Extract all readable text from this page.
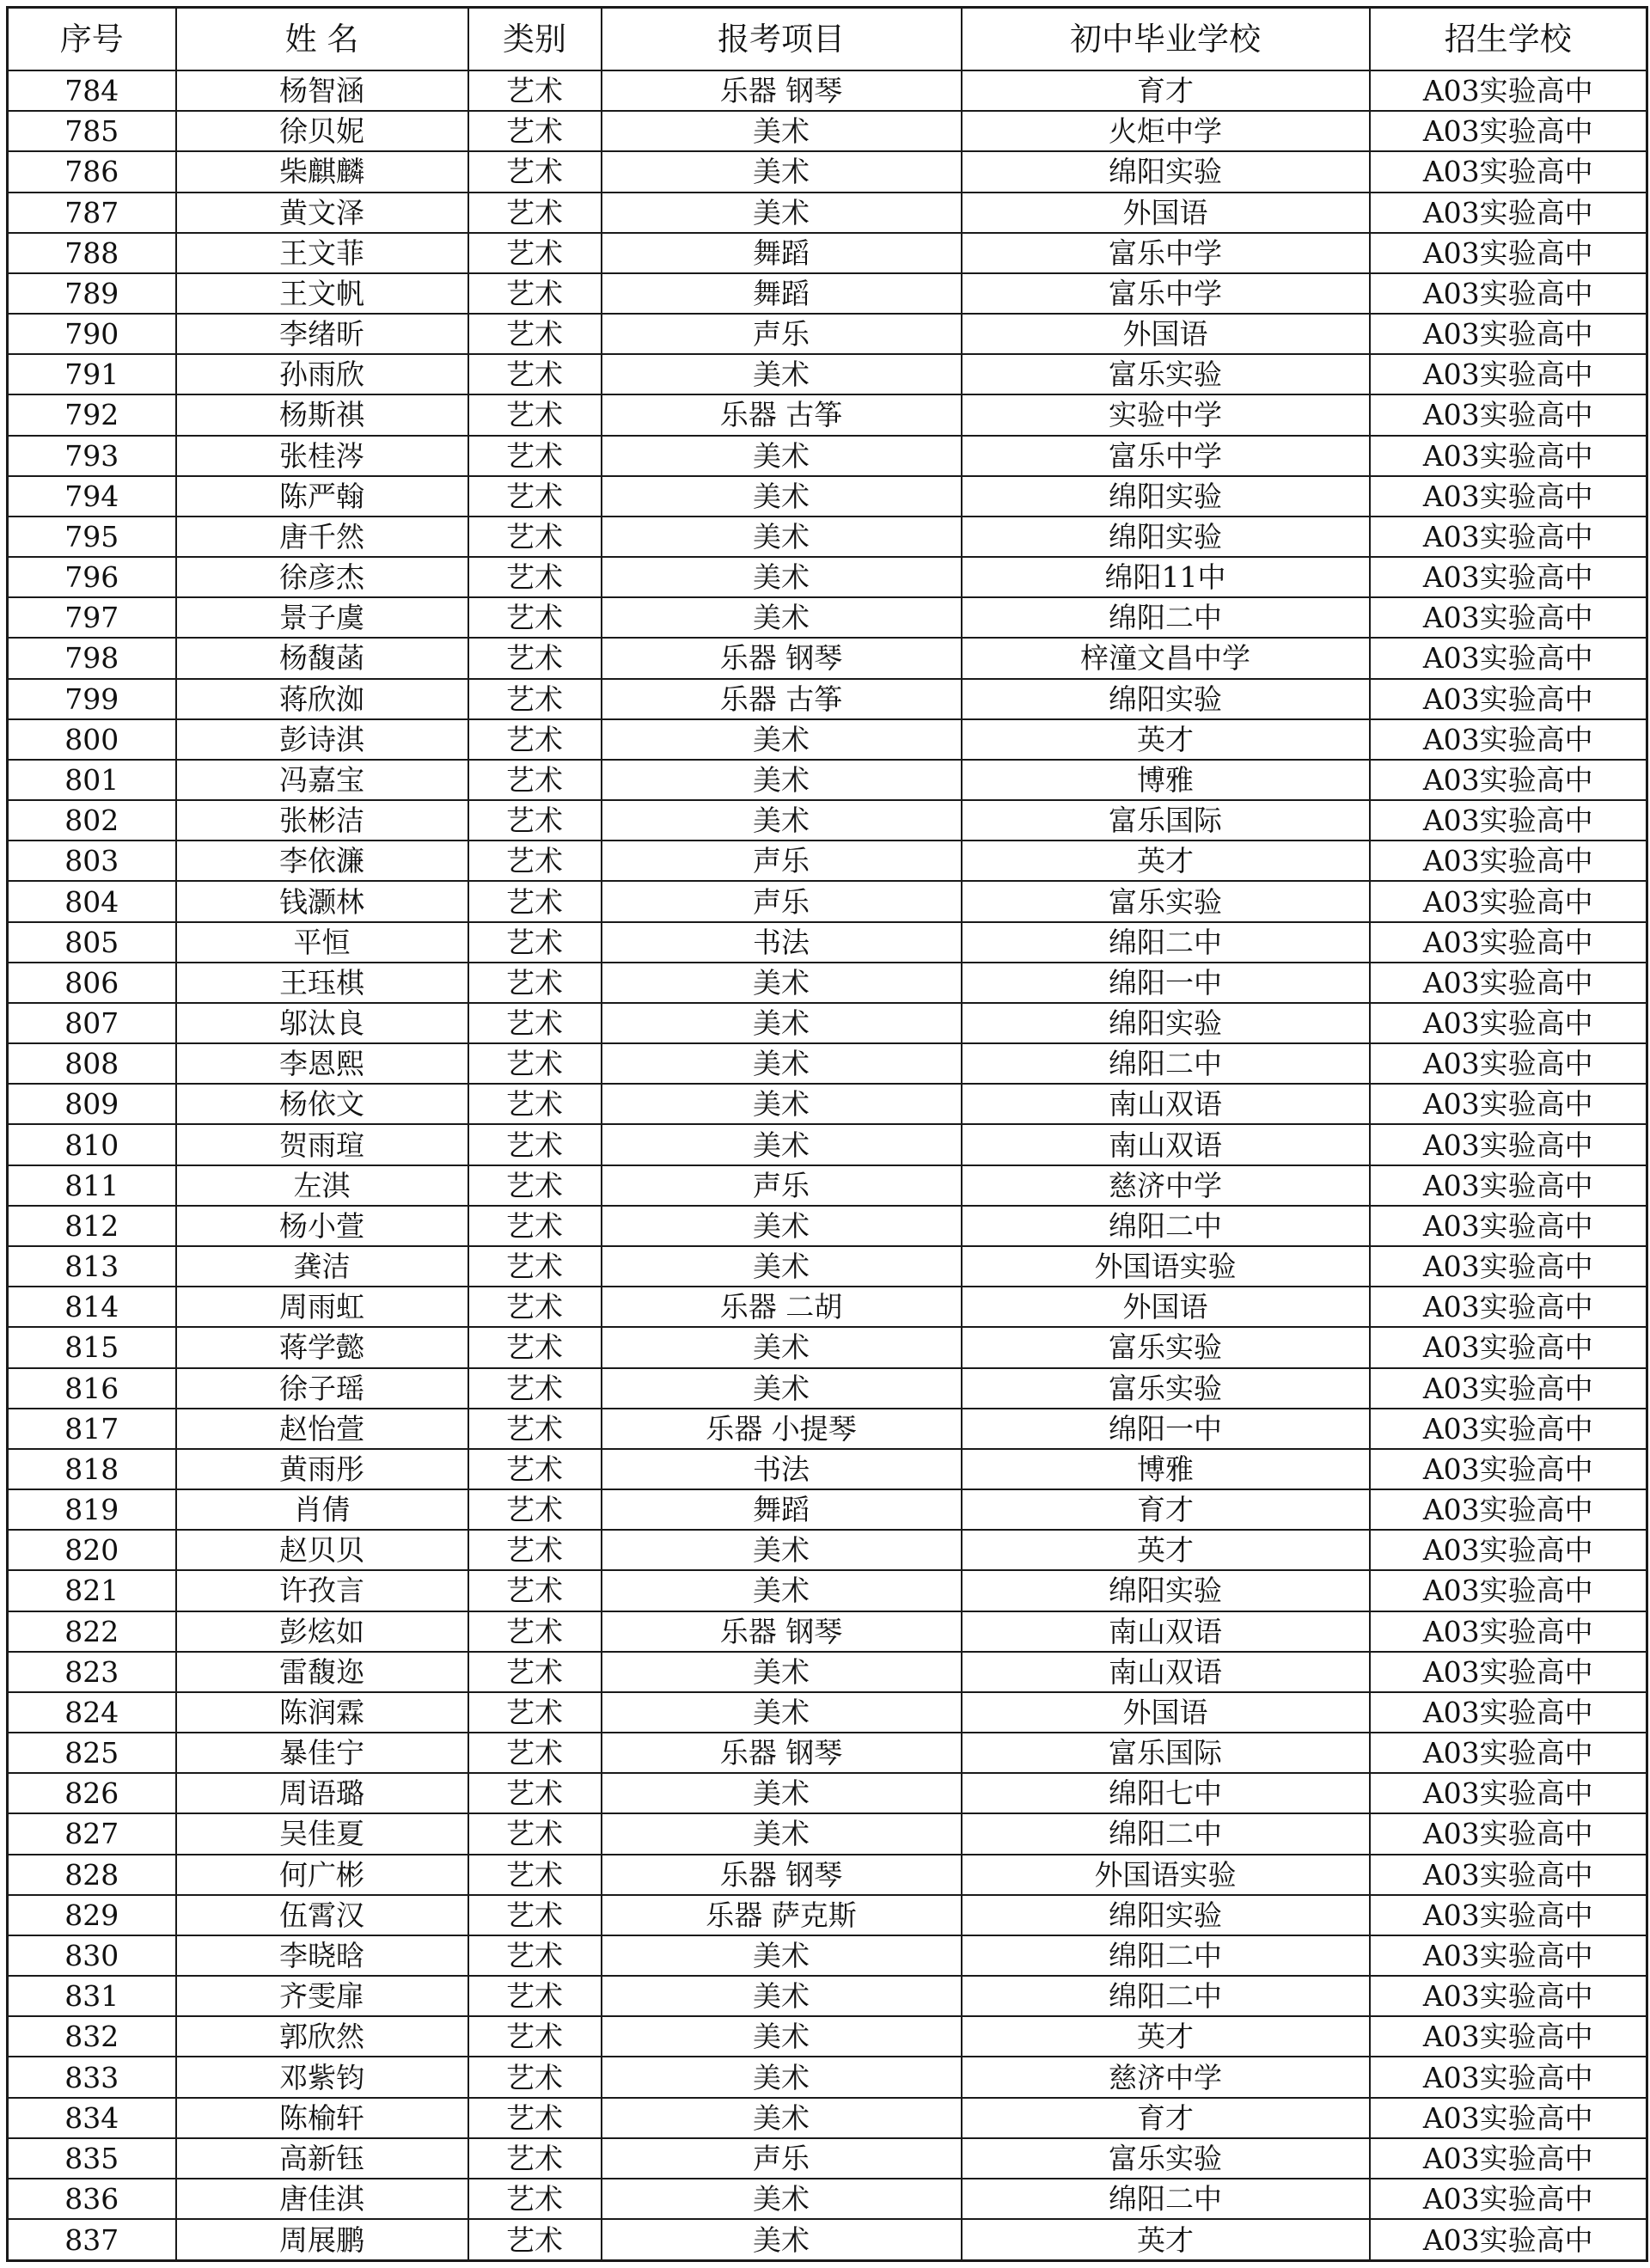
序号	姓 名	类别	报考项目	初中毕业学校	招生学校
784	杨智涵	艺术	乐器 钢琴	育才	A03实验高中
785	徐贝妮	艺术	美术	火炬中学	A03实验高中
786	柴麒麟	艺术	美术	绵阳实验	A03实验高中
787	黄文泽	艺术	美术	外国语	A03实验高中
788	王文菲	艺术	舞蹈	富乐中学	A03实验高中
789	王文帆	艺术	舞蹈	富乐中学	A03实验高中
790	李绪昕	艺术	声乐	外国语	A03实验高中
791	孙雨欣	艺术	美术	富乐实验	A03实验高中
792	杨斯祺	艺术	乐器 古筝	实验中学	A03实验高中
793	张桂涔	艺术	美术	富乐中学	A03实验高中
794	陈严翰	艺术	美术	绵阳实验	A03实验高中
795	唐千然	艺术	美术	绵阳实验	A03实验高中
796	徐彦杰	艺术	美术	绵阳11中	A03实验高中
797	景子虞	艺术	美术	绵阳二中	A03实验高中
798	杨馥菡	艺术	乐器 钢琴	梓潼文昌中学	A03实验高中
799	蒋欣洳	艺术	乐器 古筝	绵阳实验	A03实验高中
800	彭诗淇	艺术	美术	英才	A03实验高中
801	冯嘉宝	艺术	美术	博雅	A03实验高中
802	张彬洁	艺术	美术	富乐国际	A03实验高中
803	李依濂	艺术	声乐	英才	A03实验高中
804	钱灏林	艺术	声乐	富乐实验	A03实验高中
805	平恒	艺术	书法	绵阳二中	A03实验高中
806	王珏棋	艺术	美术	绵阳一中	A03实验高中
807	邬汰良	艺术	美术	绵阳实验	A03实验高中
808	李恩熙	艺术	美术	绵阳二中	A03实验高中
809	杨依文	艺术	美术	南山双语	A03实验高中
810	贺雨瑄	艺术	美术	南山双语	A03实验高中
811	左淇	艺术	声乐	慈济中学	A03实验高中
812	杨小萱	艺术	美术	绵阳二中	A03实验高中
813	龚洁	艺术	美术	外国语实验	A03实验高中
814	周雨虹	艺术	乐器 二胡	外国语	A03实验高中
815	蒋学懿	艺术	美术	富乐实验	A03实验高中
816	徐子瑶	艺术	美术	富乐实验	A03实验高中
817	赵怡萱	艺术	乐器 小提琴	绵阳一中	A03实验高中
818	黄雨彤	艺术	书法	博雅	A03实验高中
819	肖倩	艺术	舞蹈	育才	A03实验高中
820	赵贝贝	艺术	美术	英才	A03实验高中
821	许孜言	艺术	美术	绵阳实验	A03实验高中
822	彭炫如	艺术	乐器 钢琴	南山双语	A03实验高中
823	雷馥迩	艺术	美术	南山双语	A03实验高中
824	陈润霖	艺术	美术	外国语	A03实验高中
825	暴佳宁	艺术	乐器 钢琴	富乐国际	A03实验高中
826	周语璐	艺术	美术	绵阳七中	A03实验高中
827	吴佳夏	艺术	美术	绵阳二中	A03实验高中
828	何广彬	艺术	乐器 钢琴	外国语实验	A03实验高中
829	伍霄汉	艺术	乐器 萨克斯	绵阳实验	A03实验高中
830	李晓晗	艺术	美术	绵阳二中	A03实验高中
831	齐雯扉	艺术	美术	绵阳二中	A03实验高中
832	郭欣然	艺术	美术	英才	A03实验高中
833	邓紫钧	艺术	美术	慈济中学	A03实验高中
834	陈榆轩	艺术	美术	育才	A03实验高中
835	高新钰	艺术	声乐	富乐实验	A03实验高中
836	唐佳淇	艺术	美术	绵阳二中	A03实验高中
837	周展鹏	艺术	美术	英才	A03实验高中
